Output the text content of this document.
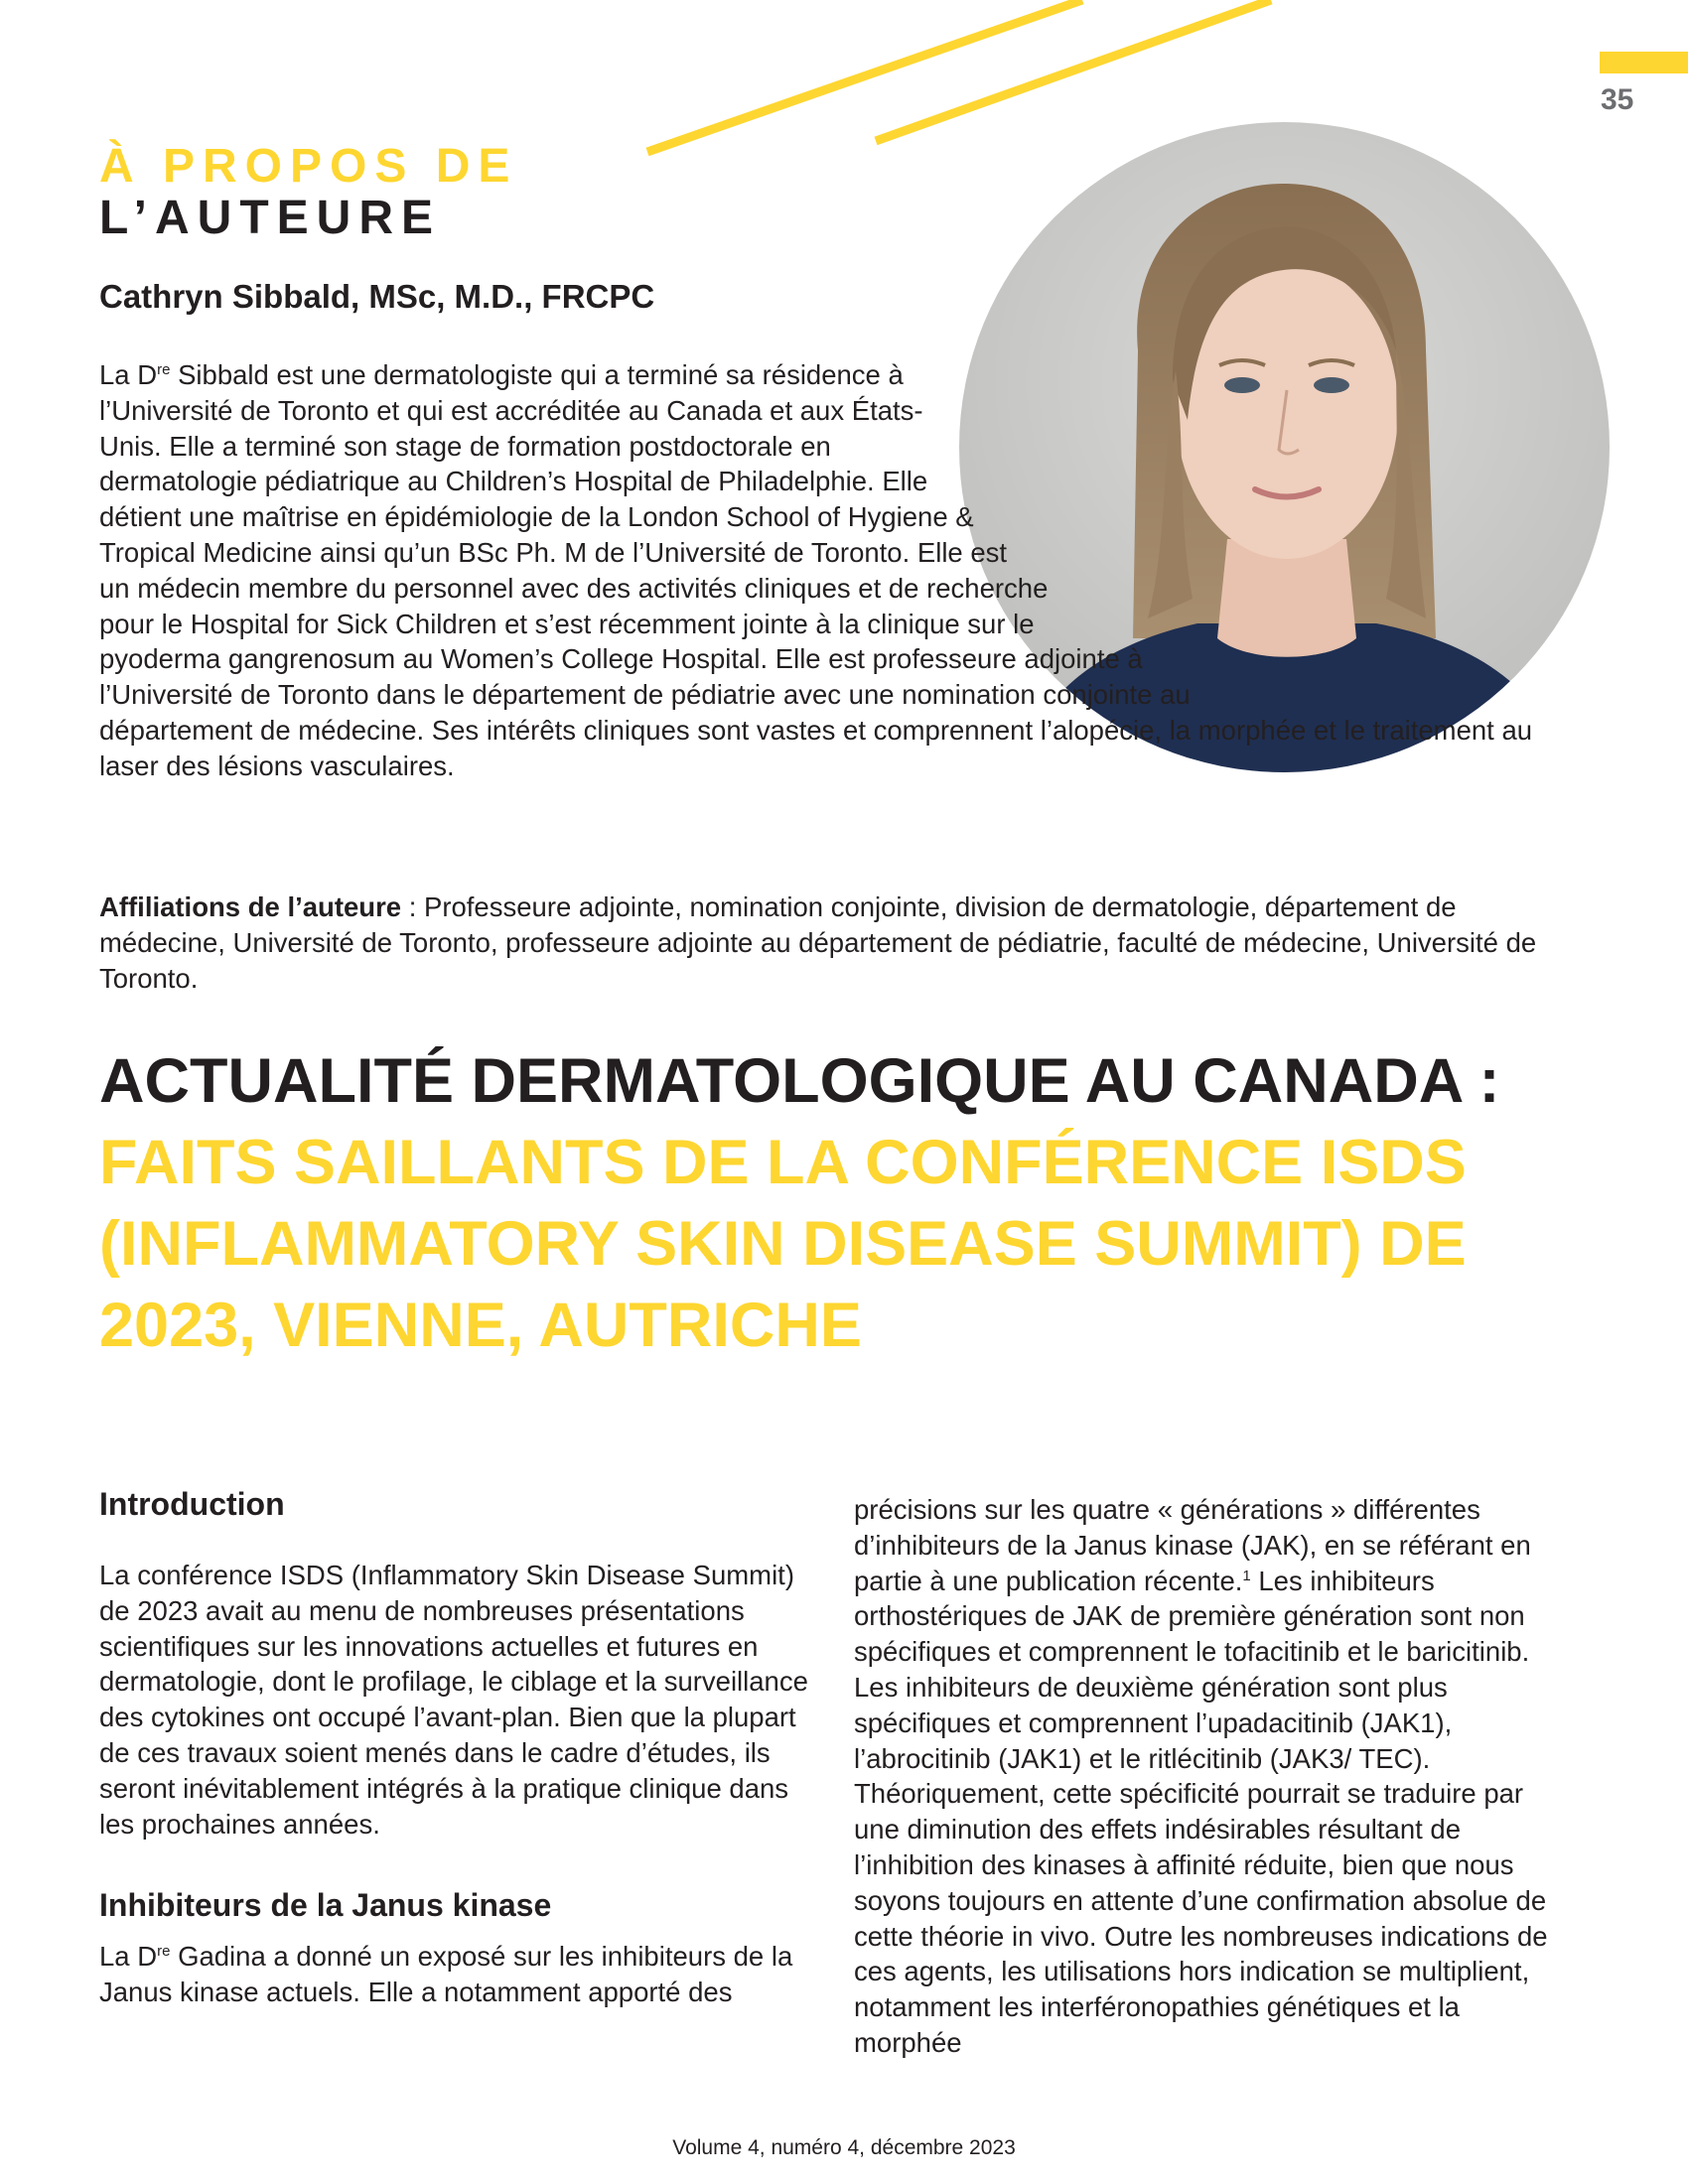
35
À PROPOS DE
L’AUTEURE
Cathryn Sibbald, MSc, M.D., FRCPC
La Dre Sibbald est une dermatologiste qui a terminé sa résidence à l’Université de Toronto et qui est accréditée au Canada et aux États-Unis. Elle a terminé son stage de formation postdoctorale en dermatologie pédiatrique au Children’s Hospital de Philadelphie. Elle détient une maîtrise en épidémiologie de la London School of Hygiene & Tropical Medicine ainsi qu’un BSc Ph. M de l’Université de Toronto. Elle est un médecin membre du personnel avec des activités cliniques et de recherche pour le Hospital for Sick Children et s’est récemment jointe à la clinique sur le pyoderma gangrenosum au Women’s College Hospital. Elle est professeure adjointe à l’Université de Toronto dans le département de pédiatrie avec une nomination conjointe au département de médecine. Ses intérêts cliniques sont vastes et comprennent l’alopécie, la morphée et le traitement au laser des lésions vasculaires.
Affiliations de l’auteure : Professeure adjointe, nomination conjointe, division de dermatologie, département de médecine, Université de Toronto, professeure adjointe au département de pédiatrie, faculté de médecine, Université de Toronto.
ACTUALITÉ DERMATOLOGIQUE AU CANADA : FAITS SAILLANTS DE LA CONFÉRENCE ISDS (INFLAMMATORY SKIN DISEASE SUMMIT) DE 2023, VIENNE, AUTRICHE
Introduction

La conférence ISDS (Inflammatory Skin Disease Summit) de 2023 avait au menu de nombreuses présentations scientifiques sur les innovations actuelles et futures en dermatologie, dont le profilage, le ciblage et la surveillance des cytokines ont occupé l’avant-plan. Bien que la plupart de ces travaux soient menés dans le cadre d’études, ils seront inévitablement intégrés à la pratique clinique dans les prochaines années.

Inhibiteurs de la Janus kinase

La Dre Gadina a donné un exposé sur les inhibiteurs de la Janus kinase actuels. Elle a notamment apporté des

précisions sur les quatre « générations » différentes d’inhibiteurs de la Janus kinase (JAK), en se référant en partie à une publication récente.$^1$ Les inhibiteurs orthostériques de JAK de première génération sont non spécifiques et comprennent le tofacitinib et le baricitinib. Les inhibiteurs de deuxième génération sont plus spécifiques et comprennent l’upadacitinib (JAK1), l’abrocitinib (JAK1) et le ritlécitinib (JAK3/ TEC). Théoriquement, cette spécificité pourrait se traduire par une diminution des effets indésirables résultant de l’inhibition des kinases à affinité réduite, bien que nous soyons toujours en attente d’une confirmation absolue de cette théorie in vivo. Outre les nombreuses indications de ces agents, les utilisations hors indication se multiplient, notamment les interféronopathies génétiques et la morphée

Volume 4, numéro 4, décembre 2023
